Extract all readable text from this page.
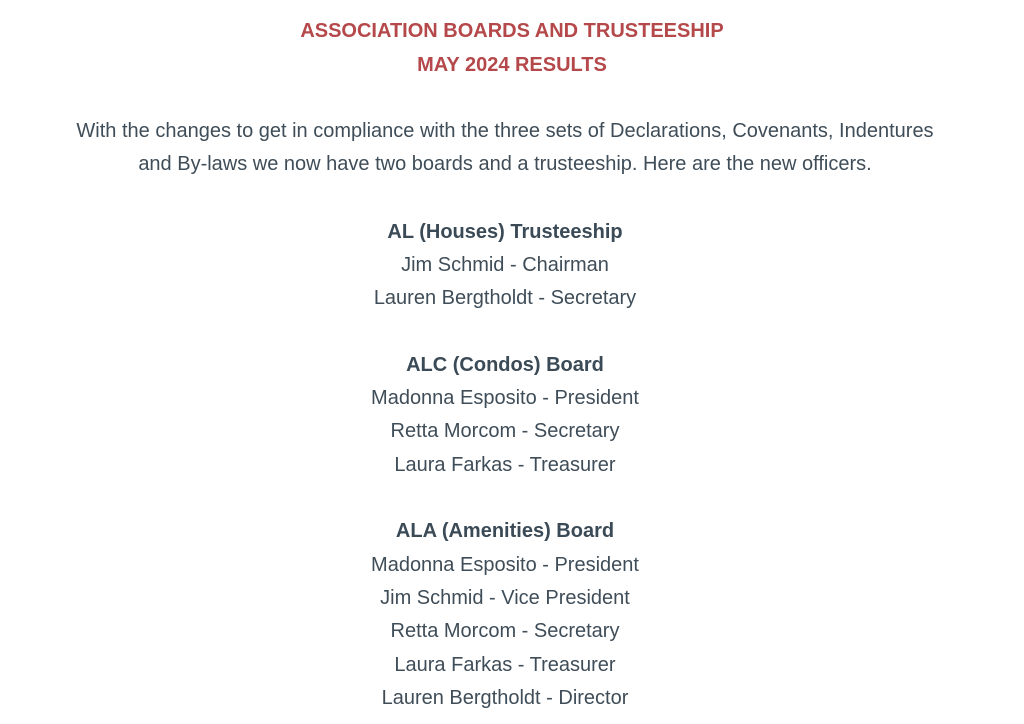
ASSOCIATION BOARDS AND TRUSTEESHIP
MAY 2024 RESULTS

With the changes to get in compliance with the three sets of Declarations, Covenants, Indentures

and By-laws we now have two boards and a trusteeship. Here are the new officers.

AL (Houses) Trusteeship

Jim Schmid - Chairman

Lauren Bergtholdt - Secretary

ALC (Condos) Board

Madonna Esposito - President

Retta Morcom - Secretary

Laura Farkas - Treasurer

ALA (Amenities) Board

Madonna Esposito - President

Jim Schmid - Vice President

Retta Morcom - Secretary

Laura Farkas - Treasurer

Lauren Bergtholdt - Director
